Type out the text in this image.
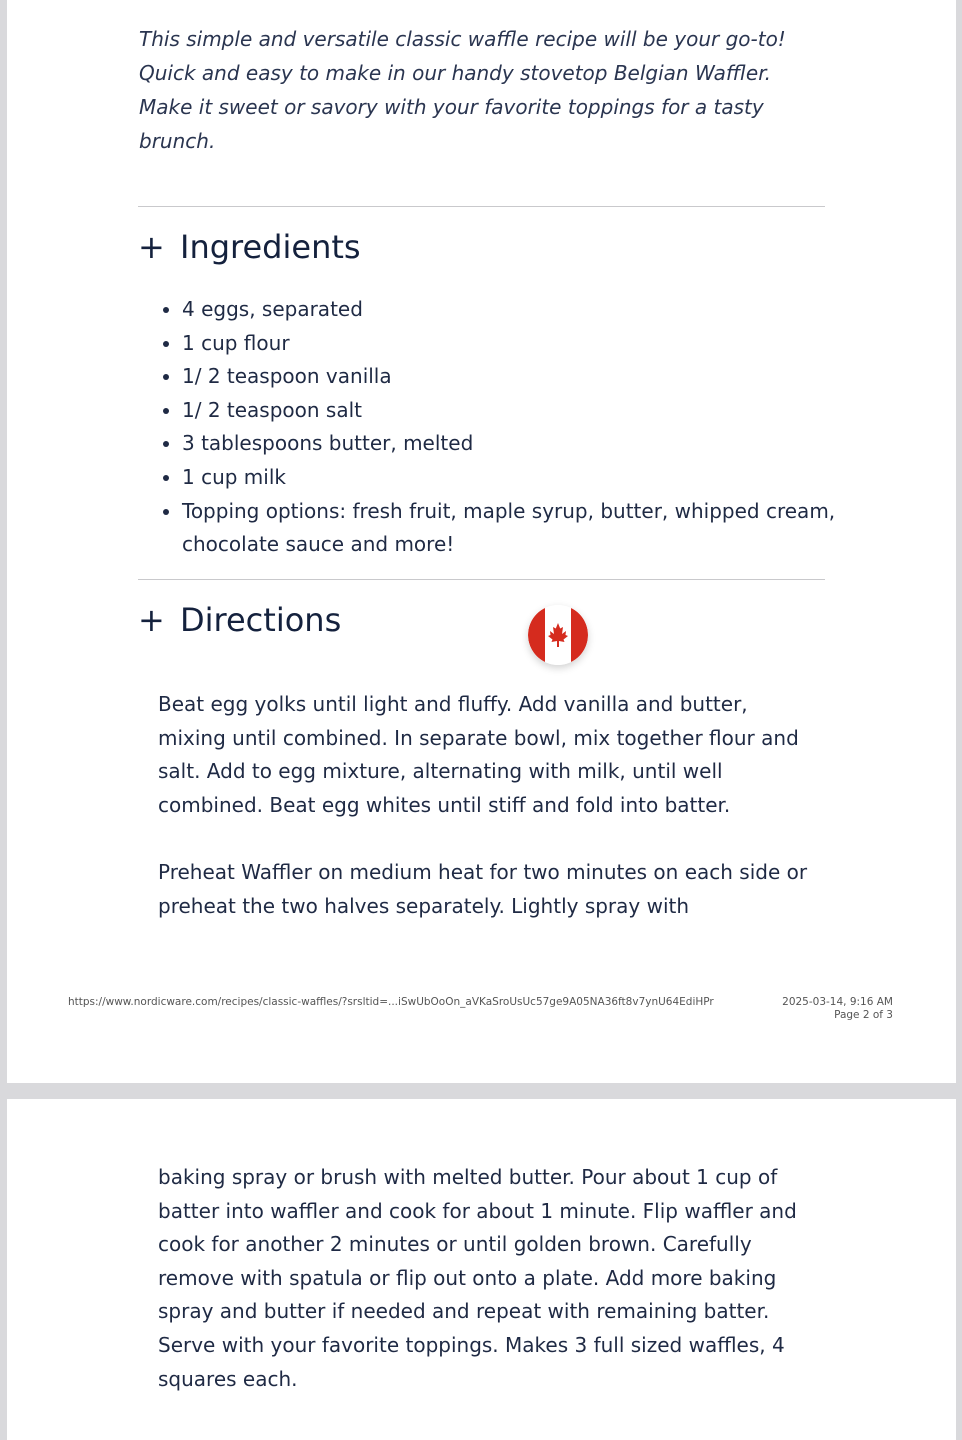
This simple and versatile classic waffle recipe will be your go-to! Quick and easy to make in our handy stovetop Belgian Waffler. Make it sweet or savory with your favorite toppings for a tasty brunch.

+ Ingredients
• 4 eggs, separated
• 1 cup flour
• 1/ 2 teaspoon vanilla
• 1/ 2 teaspoon salt
• 3 tablespoons butter, melted
• 1 cup milk
• Topping options: fresh fruit, maple syrup, butter, whipped cream, chocolate sauce and more!
+ Directions

Beat egg yolks until light and fluffy. Add vanilla and butter, mixing until combined. In separate bowl, mix together flour and salt. Add to egg mixture, alternating with milk, until well combined. Beat egg whites until stiff and fold into batter.

Preheat Waffler on medium heat for two minutes on each side or preheat the two halves separately. Lightly spray with

https://www.nordicware.com/recipes/classic-waffles/?srsltid=...iSwUbOoOn_aVKaSroUsUc57ge9A05NA36ft8v7ynU64EdiHPr	2025-03-14, 9:16 AM
Page 2 of 3

baking spray or brush with melted butter. Pour about 1 cup of batter into waffler and cook for about 1 minute. Flip waffler and cook for another 2 minutes or until golden brown. Carefully remove with spatula or flip out onto a plate. Add more baking spray and butter if needed and repeat with remaining batter. Serve with your favorite toppings. Makes 3 full sized waffles, 4 squares each.
